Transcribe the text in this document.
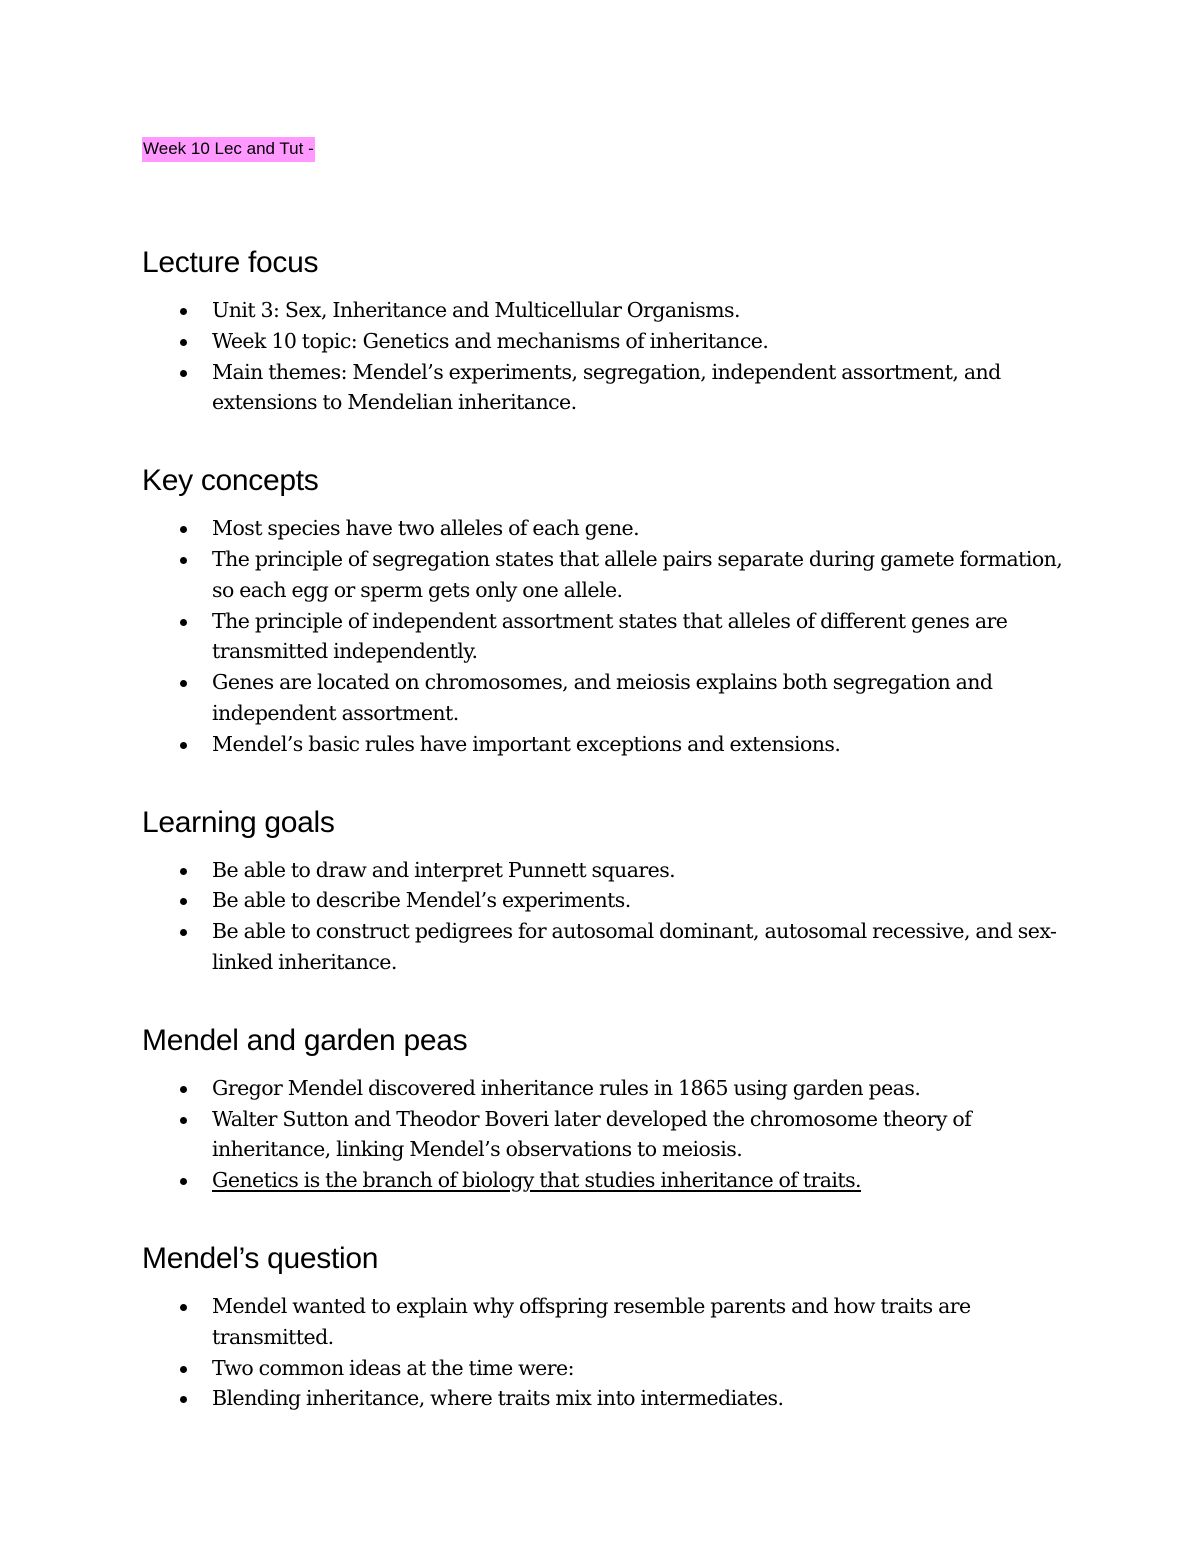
Week 10 Lec and Tut -
Lecture focus
Unit 3: Sex, Inheritance and Multicellular Organisms.
Week 10 topic: Genetics and mechanisms of inheritance.
Main themes: Mendel’s experiments, segregation, independent assortment, and extensions to Mendelian inheritance.
Key concepts
Most species have two alleles of each gene.
The principle of segregation states that allele pairs separate during gamete formation, so each egg or sperm gets only one allele.
The principle of independent assortment states that alleles of different genes are transmitted independently.
Genes are located on chromosomes, and meiosis explains both segregation and independent assortment.
Mendel’s basic rules have important exceptions and extensions.
Learning goals
Be able to draw and interpret Punnett squares.
Be able to describe Mendel’s experiments.
Be able to construct pedigrees for autosomal dominant, autosomal recessive, and sex-linked inheritance.
Mendel and garden peas
Gregor Mendel discovered inheritance rules in 1865 using garden peas.
Walter Sutton and Theodor Boveri later developed the chromosome theory of inheritance, linking Mendel’s observations to meiosis.
Genetics is the branch of biology that studies inheritance of traits.
Mendel’s question
Mendel wanted to explain why offspring resemble parents and how traits are transmitted.
Two common ideas at the time were:
Blending inheritance, where traits mix into intermediates.
